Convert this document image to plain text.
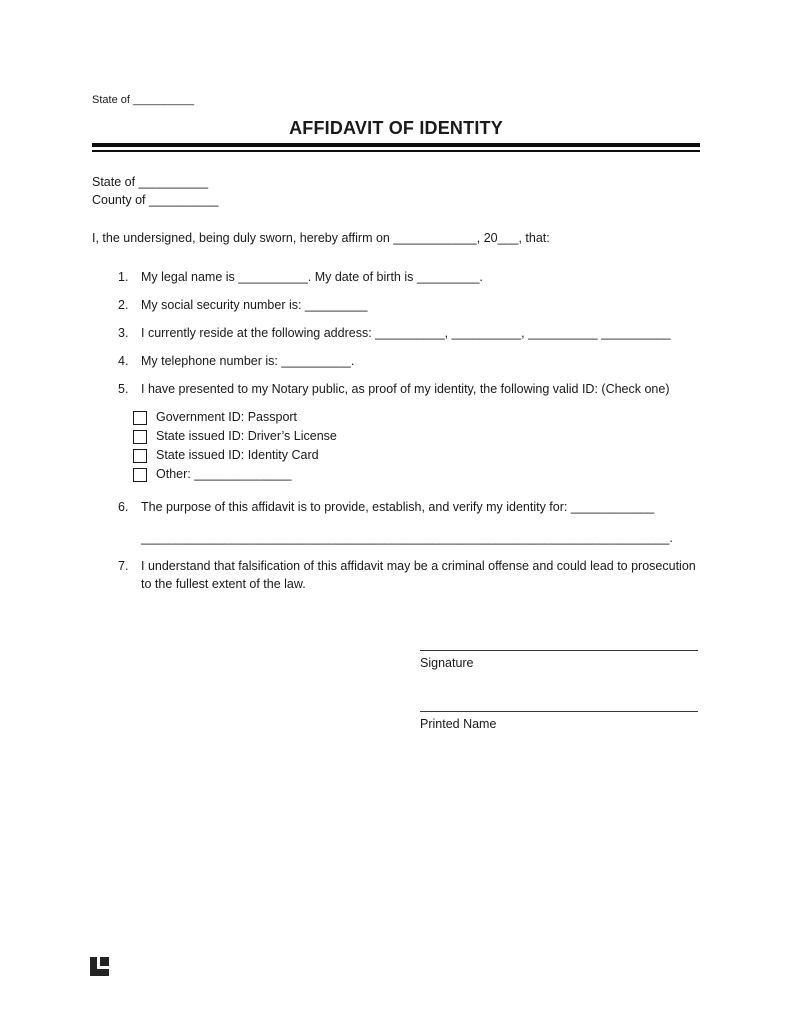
State of __________
AFFIDAVIT OF IDENTITY
State of __________
County of __________
I, the undersigned, being duly sworn, hereby affirm on ____________, 20___, that:
1.	My legal name is __________. My date of birth is _________.
2.	My social security number is: _________
3.	I currently reside at the following address: __________, __________, __________ __________
4.	My telephone number is: __________.
5.	I have presented to my Notary public, as proof of my identity, the following valid ID: (Check one)
Government ID: Passport
State issued ID: Driver’s License
State issued ID: Identity Card
Other: ______________
6.	The purpose of this affidavit is to provide, establish, and verify my identity for: ____________
____________________________________________________________________________.
7.	I understand that falsification of this affidavit may be a criminal offense and could lead to prosecution to the fullest extent of the law.
Signature
Printed Name
